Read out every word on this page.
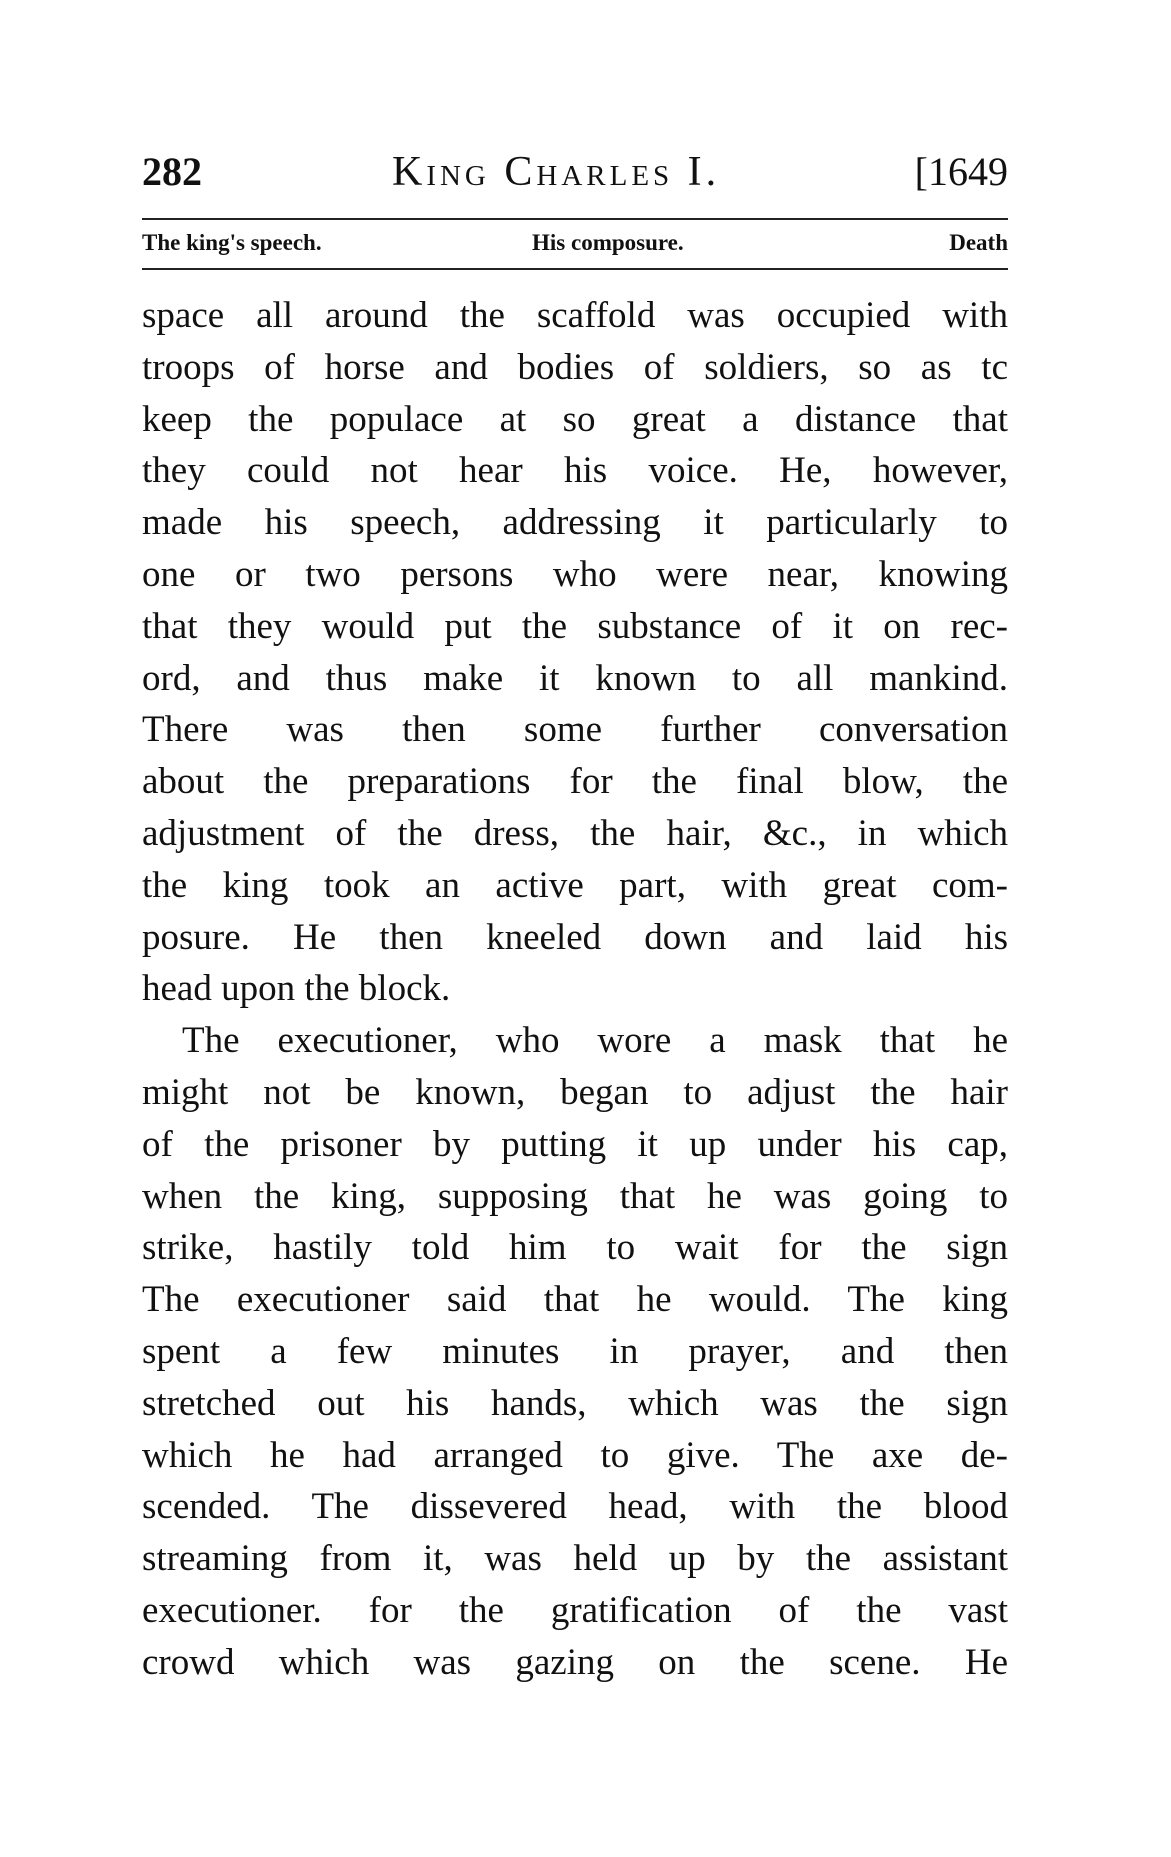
282	King Charles I.	[1649
The king's speech.	His composure.	Death
space all around the scaffold was occupied with
troops of horse and bodies of soldiers, so as tc
keep the populace at so great a distance that
they could not hear his voice. He, however,
made his speech, addressing it particularly to
one or two persons who were near, knowing
that they would put the substance of it on rec-
ord, and thus make it known to all mankind.
There was then some further conversation
about the preparations for the final blow, the
adjustment of the dress, the hair, &c., in which
the king took an active part, with great com-
posure. He then kneeled down and laid his
head upon the block.
The executioner, who wore a mask that he
might not be known, began to adjust the hair
of the prisoner by putting it up under his cap,
when the king, supposing that he was going to
strike, hastily told him to wait for the sign
The executioner said that he would. The king
spent a few minutes in prayer, and then
stretched out his hands, which was the sign
which he had arranged to give. The axe de-
scended. The dissevered head, with the blood
streaming from it, was held up by the assistant
executioner. for the gratification of the vast
crowd which was gazing on the scene. He
